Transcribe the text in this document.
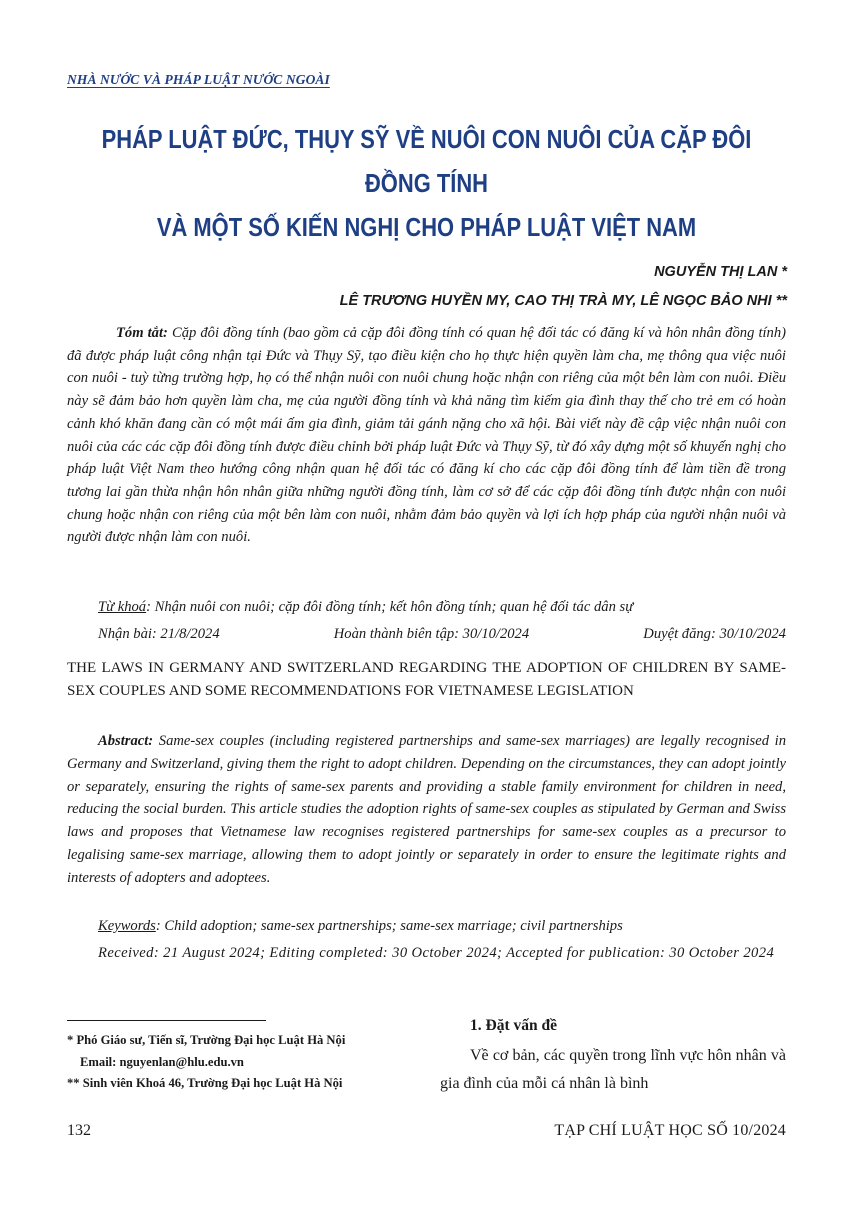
NHÀ NƯỚC VÀ PHÁP LUẬT NƯỚC NGOÀI
PHÁP LUẬT ĐỨC, THỤY SỸ VỀ NUÔI CON NUÔI CỦA CẶP ĐÔI ĐỒNG TÍNH
VÀ MỘT SỐ KIẾN NGHỊ CHO PHÁP LUẬT VIỆT NAM
NGUYỄN THỊ LAN *
LÊ TRƯƠNG HUYỀN MY, CAO THỊ TRÀ MY, LÊ NGỌC BẢO NHI **

Tóm tắt: Cặp đôi đồng tính (bao gồm cả cặp đôi đồng tính có quan hệ đối tác có đăng kí và hôn nhân đồng tính) đã được pháp luật công nhận tại Đức và Thụy Sỹ, tạo điều kiện cho họ thực hiện quyền làm cha, mẹ thông qua việc nuôi con nuôi - tuỳ từng trường hợp, họ có thể nhận nuôi con nuôi chung hoặc nhận con riêng của một bên làm con nuôi. Điều này sẽ đảm bảo hơn quyền làm cha, mẹ của người đồng tính và khả năng tìm kiếm gia đình thay thế cho trẻ em có hoàn cảnh khó khăn đang cần có một mái ấm gia đình, giảm tải gánh nặng cho xã hội. Bài viết này đề cập việc nhận nuôi con nuôi của các các cặp đôi đồng tính được điều chỉnh bởi pháp luật Đức và Thụy Sỹ, từ đó xây dựng một số khuyến nghị cho pháp luật Việt Nam theo hướng công nhận quan hệ đối tác có đăng kí cho các cặp đôi đồng tính để làm tiền đề trong tương lai gần thừa nhận hôn nhân giữa những người đồng tính, làm cơ sở để các cặp đôi đồng tính được nhận con nuôi chung hoặc nhận con riêng của một bên làm con nuôi, nhằm đảm bảo quyền và lợi ích hợp pháp của người nhận nuôi và người được nhận làm con nuôi.

Từ khoá: Nhận nuôi con nuôi; cặp đôi đồng tính; kết hôn đồng tính; quan hệ đối tác dân sự
Nhận bài: 21/8/2024	Hoàn thành biên tập: 30/10/2024	Duyệt đăng: 30/10/2024

THE LAWS IN GERMANY AND SWITZERLAND REGARDING THE ADOPTION OF CHILDREN BY SAME-SEX COUPLES AND SOME RECOMMENDATIONS FOR VIETNAMESE LEGISLATION

Abstract: Same-sex couples (including registered partnerships and same-sex marriages) are legally recognised in Germany and Switzerland, giving them the right to adopt children. Depending on the circumstances, they can adopt jointly or separately, ensuring the rights of same-sex parents and providing a stable family environment for children in need, reducing the social burden. This article studies the adoption rights of same-sex couples as stipulated by German and Swiss laws and proposes that Vietnamese law recognises registered partnerships for same-sex couples as a precursor to legalising same-sex marriage, allowing them to adopt jointly or separately in order to ensure the legitimate rights and interests of adopters and adoptees.

Keywords: Child adoption; same-sex partnerships; same-sex marriage; civil partnerships

Received: 21 August 2024; Editing completed: 30 October 2024; Accepted for publication: 30 October 2024

* Phó Giáo sư, Tiến sĩ, Trường Đại học Luật Hà Nội
Email: nguyenlan@hlu.edu.vn
** Sinh viên Khoá 46, Trường Đại học Luật Hà Nội
1. Đặt vấn đề

Về cơ bản, các quyền trong lĩnh vực hôn nhân và gia đình của mỗi cá nhân là bình

132	TẠP CHÍ LUẬT HỌC SỐ 10/2024
